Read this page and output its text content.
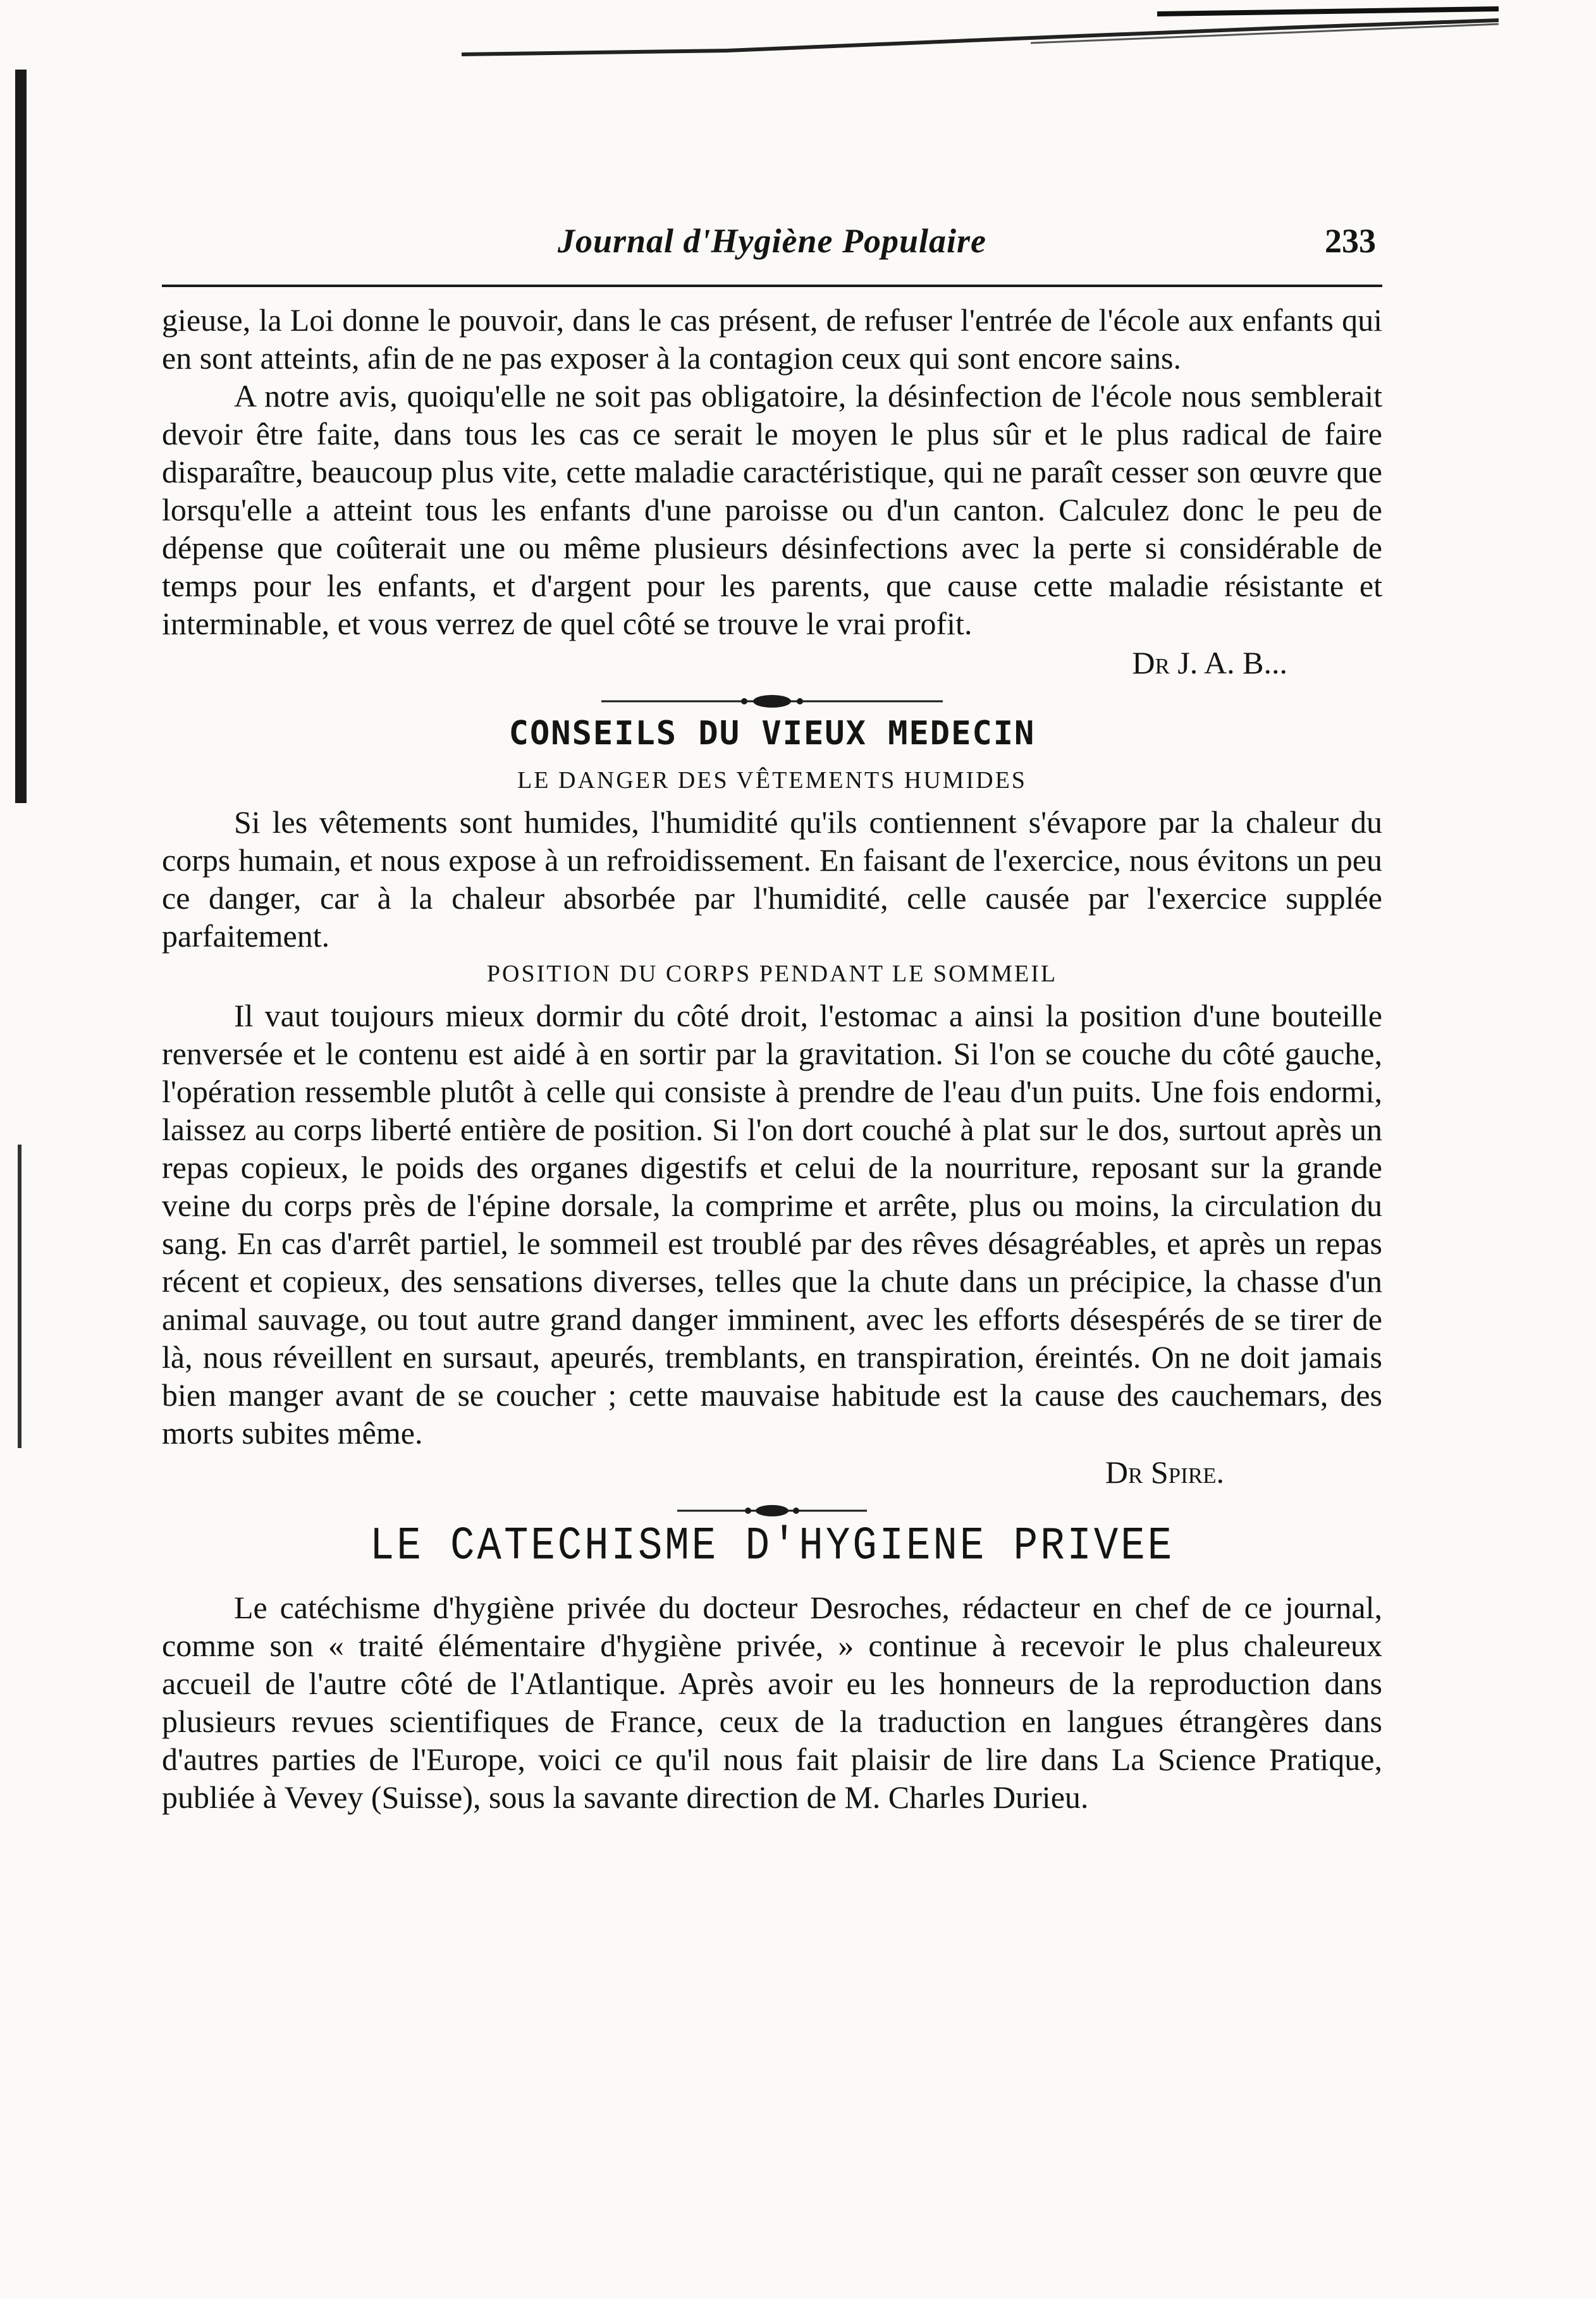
Journal d'Hygiène Populaire	233

gieuse, la Loi donne le pouvoir, dans le cas présent, de refuser l'entrée de l'école aux enfants qui en sont atteints, afin de ne pas exposer à la contagion ceux qui sont encore sains.

A notre avis, quoiqu'elle ne soit pas obligatoire, la désinfection de l'école nous semblerait devoir être faite, dans tous les cas ce serait le moyen le plus sûr et le plus radical de faire disparaître, beaucoup plus vite, cette maladie caractéristique, qui ne paraît cesser son œuvre que lorsqu'elle a atteint tous les enfants d'une paroisse ou d'un canton. Calculez donc le peu de dépense que coûterait une ou même plusieurs désinfections avec la perte si considérable de temps pour les enfants, et d'argent pour les parents, que cause cette maladie résistante et interminable, et vous verrez de quel côté se trouve le vrai profit.

Dr J. A. B...
CONSEILS DU VIEUX MEDECIN
LE DANGER DES VÊTEMENTS HUMIDES

Si les vêtements sont humides, l'humidité qu'ils contiennent s'évapore par la chaleur du corps humain, et nous expose à un refroidissement. En faisant de l'exercice, nous évitons un peu ce danger, car à la chaleur absorbée par l'humidité, celle causée par l'exercice supplée parfaitement.

POSITION DU CORPS PENDANT LE SOMMEIL

Il vaut toujours mieux dormir du côté droit, l'estomac a ainsi la position d'une bouteille renversée et le contenu est aidé à en sortir par la gravitation. Si l'on se couche du côté gauche, l'opération ressemble plutôt à celle qui consiste à prendre de l'eau d'un puits. Une fois endormi, laissez au corps liberté entière de position. Si l'on dort couché à plat sur le dos, surtout après un repas copieux, le poids des organes digestifs et celui de la nourriture, reposant sur la grande veine du corps près de l'épine dorsale, la comprime et arrête, plus ou moins, la circulation du sang. En cas d'arrêt partiel, le sommeil est troublé par des rêves désagréables, et après un repas récent et copieux, des sensations diverses, telles que la chute dans un précipice, la chasse d'un animal sauvage, ou tout autre grand danger imminent, avec les efforts désespérés de se tirer de là, nous réveillent en sursaut, apeurés, tremblants, en transpiration, éreintés. On ne doit jamais bien manger avant de se coucher ; cette mauvaise habitude est la cause des cauchemars, des morts subites même.

Dr Spire.
LE CATECHISME D'HYGIENE PRIVEE

Le catéchisme d'hygiène privée du docteur Desroches, rédacteur en chef de ce journal, comme son « traité élémentaire d'hygiène privée, » continue à recevoir le plus chaleureux accueil de l'autre côté de l'Atlantique. Après avoir eu les honneurs de la reproduction dans plusieurs revues scientifiques de France, ceux de la traduction en langues étrangères dans d'autres parties de l'Europe, voici ce qu'il nous fait plaisir de lire dans La Science Pratique, publiée à Vevey (Suisse), sous la savante direction de M. Charles Durieu.
